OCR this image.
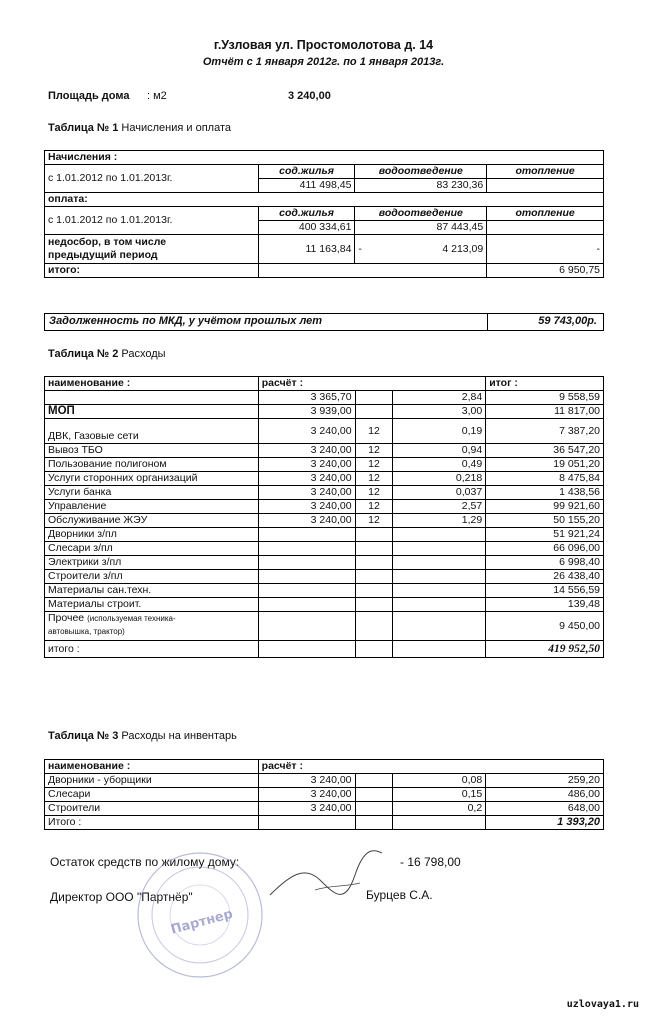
г.Узловая ул. Простомолотова д. 14
Отчёт с 1 января 2012г. по 1 января 2013г.
Площадь дома : м2	3 240,00
Таблица № 1 Начисления и оплата
Начисления :			
с 1.01.2012 по 1.01.2013г.	сод.жилья	водоотведение	отопление
	411 498,45	83 230,36	
оплата:			
с 1.01.2012 по 1.01.2013г.	сод.жилья	водоотведение	отопление
	400 334,61	87 443,45	
недосбор, в том числе
предыдущий период	11 163,84	- 4 213,09	-
итого:			6 950,75
Задолженность по МКД, у учётом прошлых лет	59 743,00р.
Таблица № 2 Расходы
наименование :	расчёт :			итог :
	3 365,70		2,84	9 558,59
МОП	3 939,00		3,00	11 817,00
ДВК, Газовые сети	3 240,00	12	0,19	7 387,20
Вывоз ТБО	3 240,00	12	0,94	36 547,20
Пользование полигоном	3 240,00	12	0,49	19 051,20
Услуги сторонних организаций	3 240,00	12	0,218	8 475,84
Услуги банка	3 240,00	12	0,037	1 438,56
Управление	3 240,00	12	2,57	99 921,60
Обслуживание ЖЭУ	3 240,00	12	1,29	50 155,20
Дворники з/пл				51 921,24
Слесари з/пл				66 096,00
Электрики з/пл				6 998,40
Строители з/пл				26 438,40
Материалы сан.техн.				14 556,59
Материалы строит.				139,48
Прочее (используемая техника-
автовышка, трактор)				9 450,00
итого :				419 952,50
Таблица № 3 Расходы на инвентарь
наименование :	расчёт :			
Дворники - уборщики	3 240,00		0,08	259,20
Слесари	3 240,00		0,15	486,00
Строители	3 240,00		0,2	648,00
Итого :				1 393,20
Остаток средств по жилому дому:	- 16 798,00
Директор ООО "Партнёр"	Бурцев С.А.
Партнер
uzlovaya1.ru
